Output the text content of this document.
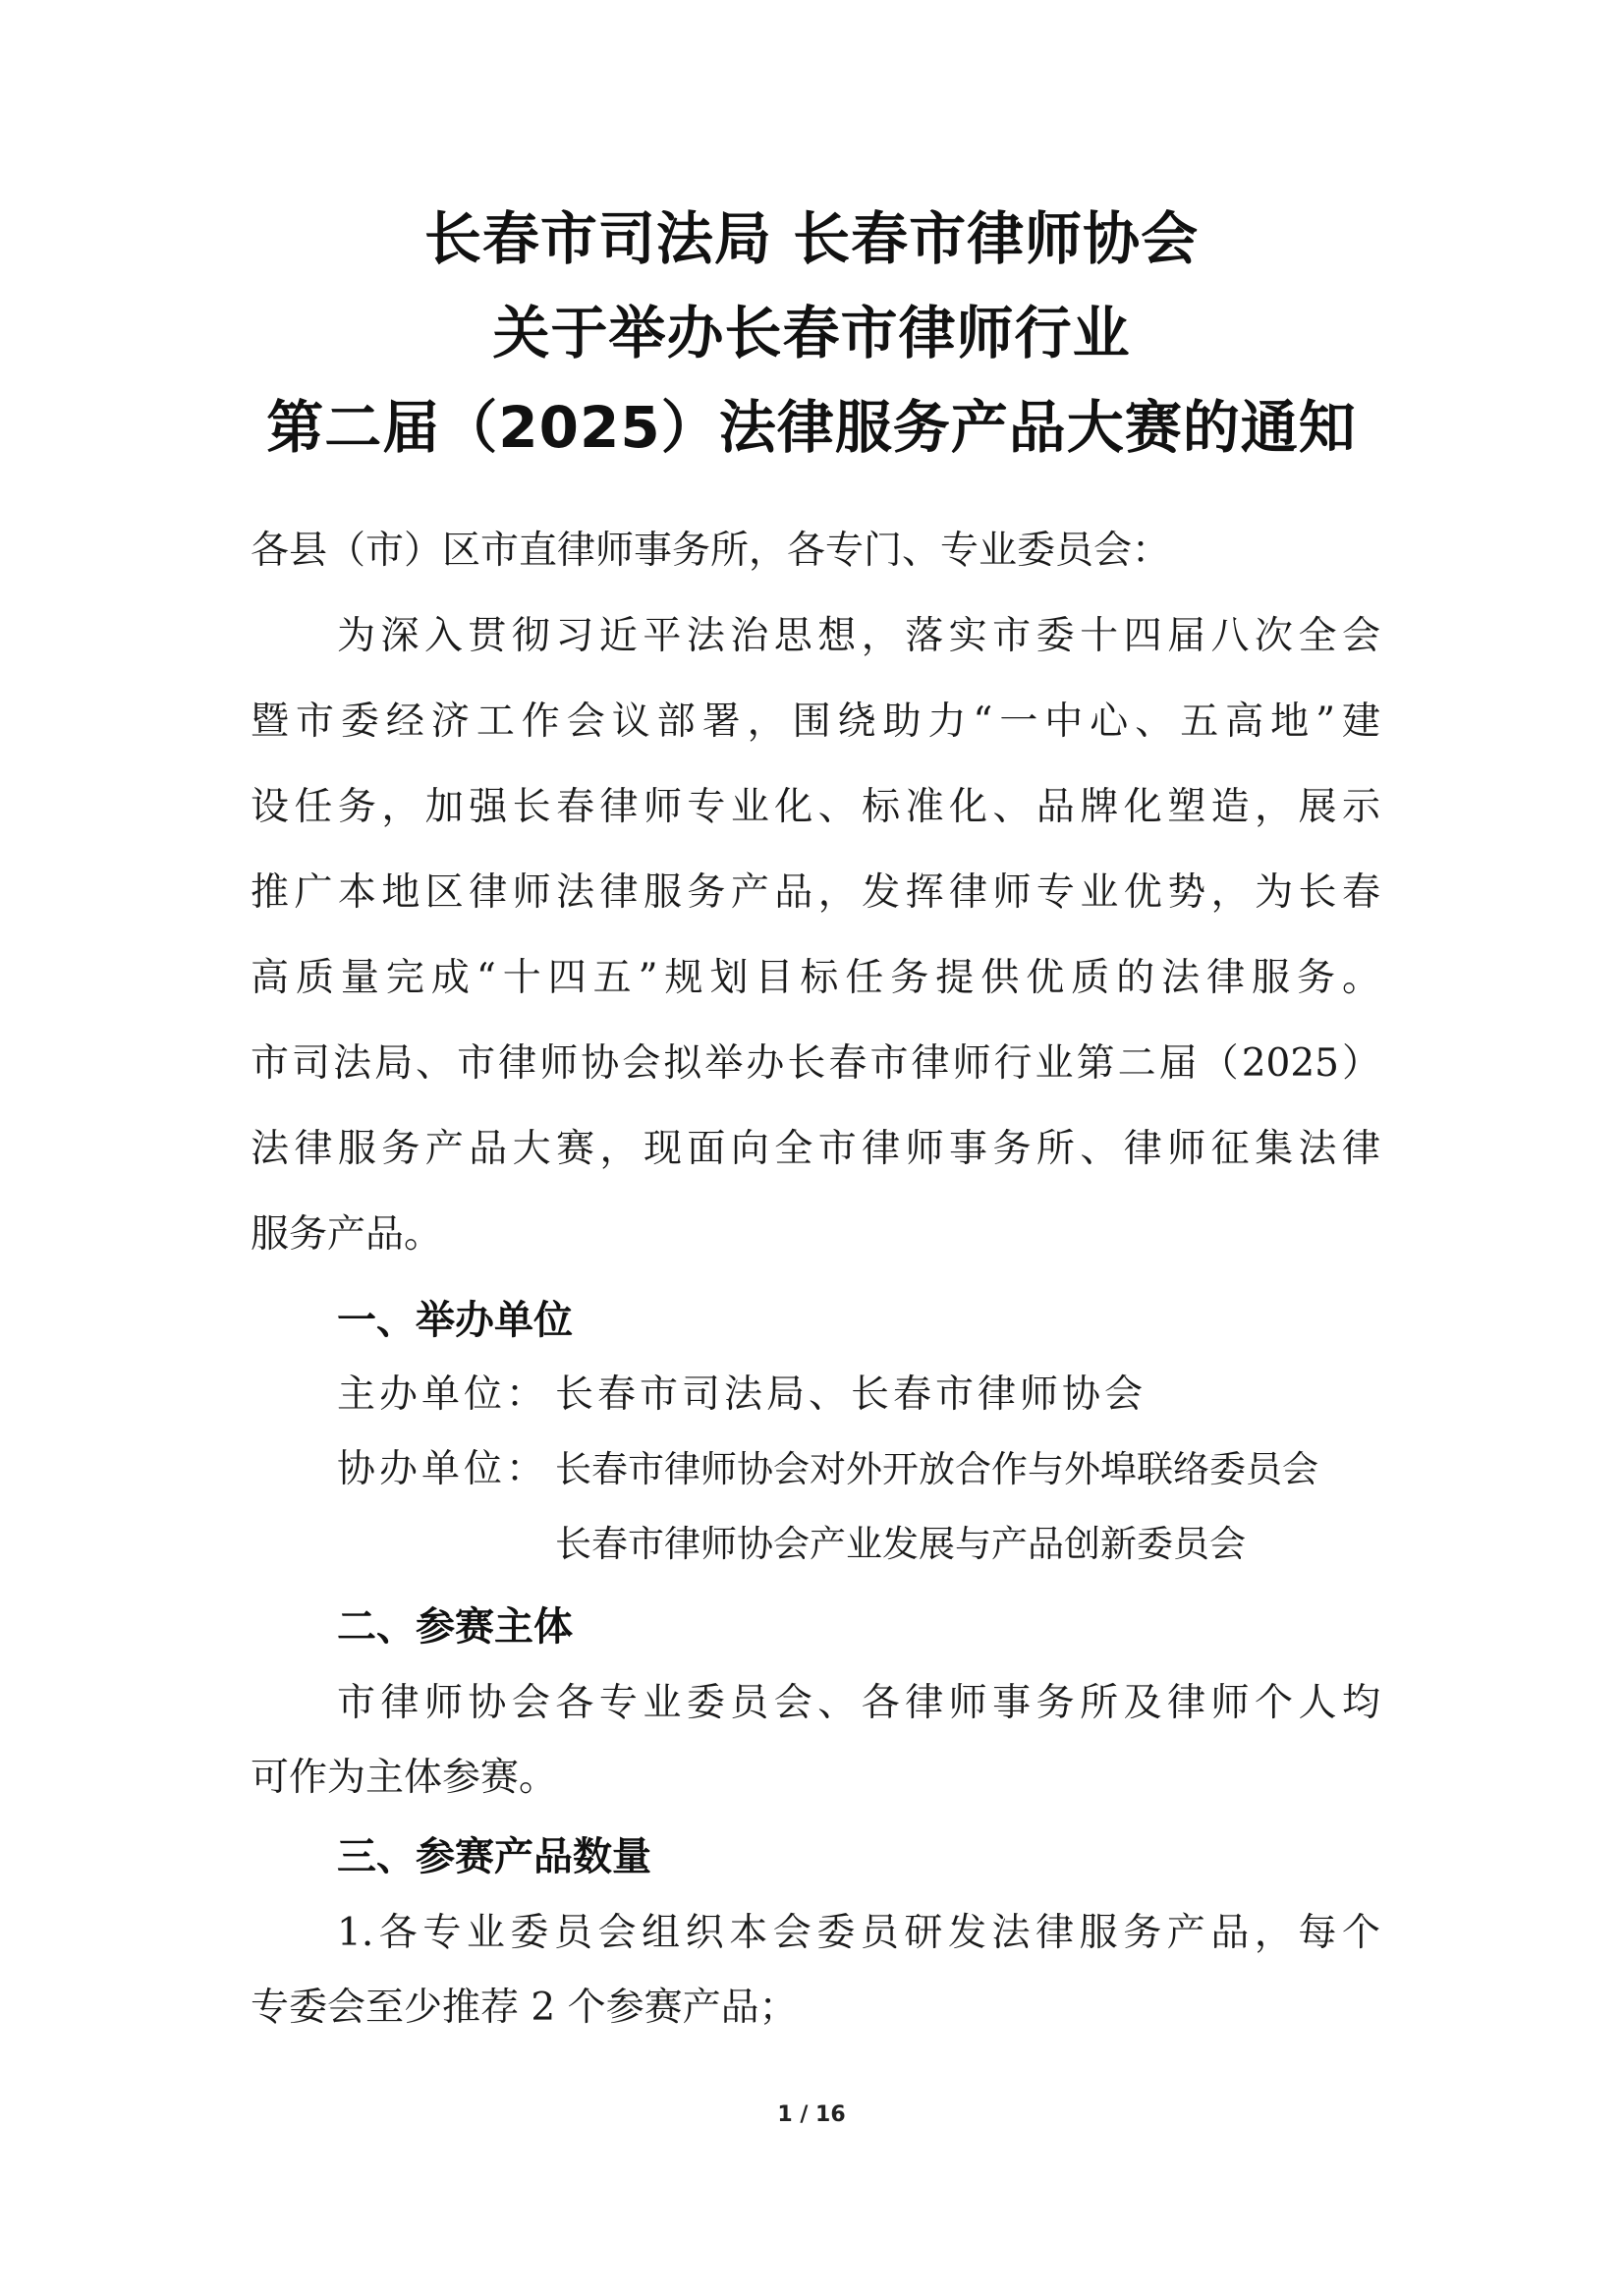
长春市司法局 长春市律师协会
关于举办长春市律师行业
第二届（2025）法律服务产品大赛的通知
各县（市）区市直律师事务所，各专门、专业委员会：
为深入贯彻习近平法治思想，落实市委十四届八次全会
暨市委经济工作会议部署，围绕助力“一中心、五高地”建
设任务，加强长春律师专业化、标准化、品牌化塑造，展示
推广本地区律师法律服务产品，发挥律师专业优势，为长春
高质量完成“十四五”规划目标任务提供优质的法律服务。
市司法局、市律师协会拟举办长春市律师行业第二届（2025）
法律服务产品大赛，现面向全市律师事务所、律师征集法律
服务产品。
一、举办单位
主办单位： 长春市司法局、长春市律师协会
协办单位： 长春市律师协会对外开放合作与外埠联络委员会
长春市律师协会产业发展与产品创新委员会
二、参赛主体
市律师协会各专业委员会、各律师事务所及律师个人均
可作为主体参赛。
三、参赛产品数量
1.各专业委员会组织本会委员研发法律服务产品，每个
专委会至少推荐 2 个参赛产品；
1 / 16
